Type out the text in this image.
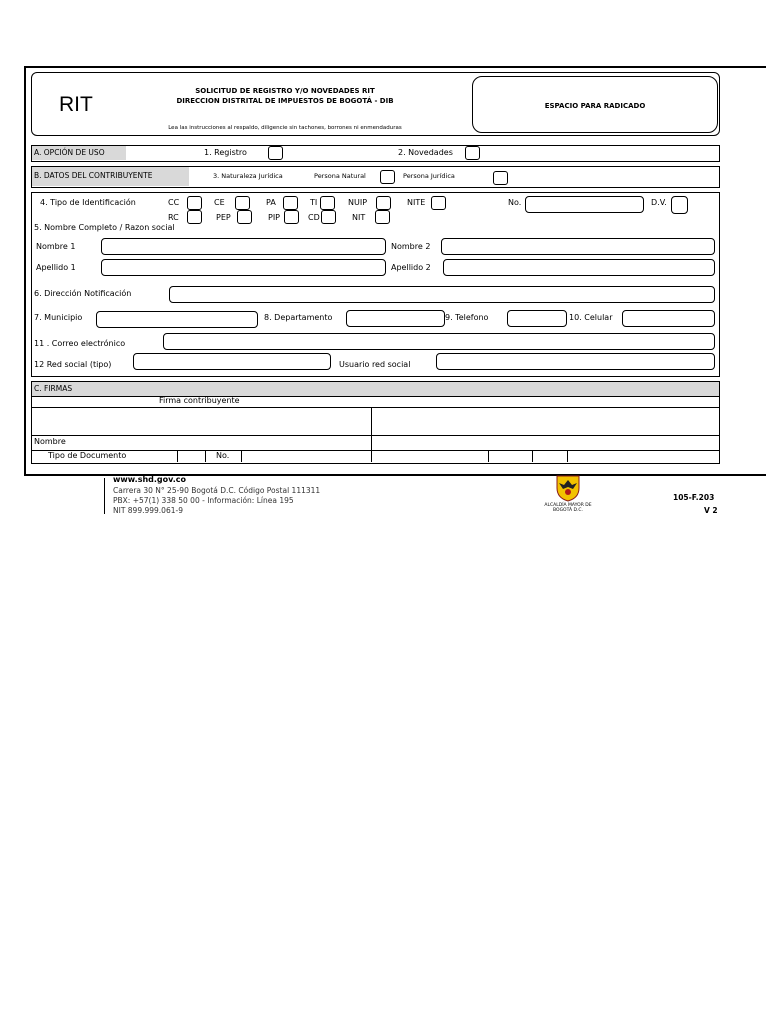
RIT
SOLICITUD DE REGISTRO Y/O NOVEDADES RIT
DIRECCION DISTRITAL DE IMPUESTOS DE BOGOTÁ - DIB
Lea las instrucciones al respaldo, diligencie sin tachones, borrones ni enmendaduras
ESPACIO PARA RADICADO
A. OPCIÓN DE USO	1. Registro	2. Novedades
B. DATOS DEL CONTRIBUYENTE	3. Naturaleza Jurídica	Persona Natural	Persona Jurídica
4. Tipo de Identificación	CC	CE	PA	TI	NUIP	NITE
RC	PEP	PIP	CD	NIT
No.	D.V.
5. Nombre Completo / Razon social
Nombre 1	Nombre 2
Apellido 1	Apellido 2
6. Dirección Notificación
7. Municipio	8. Departamento	9. Telefono	10. Celular
11 . Correo electrónico
12 Red social (tipo)	Usuario red social
C. FIRMAS
Firma contribuyente
Nombre
Tipo de Documento	No.
www.shd.gov.co
Carrera 30 N° 25-90 Bogotá D.C. Código Postal 111311
PBX: +57(1) 338 50 00 - Información: Línea 195
NIT 899.999.061-9
ALCALDÍA MAYOR DE BOGOTÁ D.C.
105-F.203
V 2
